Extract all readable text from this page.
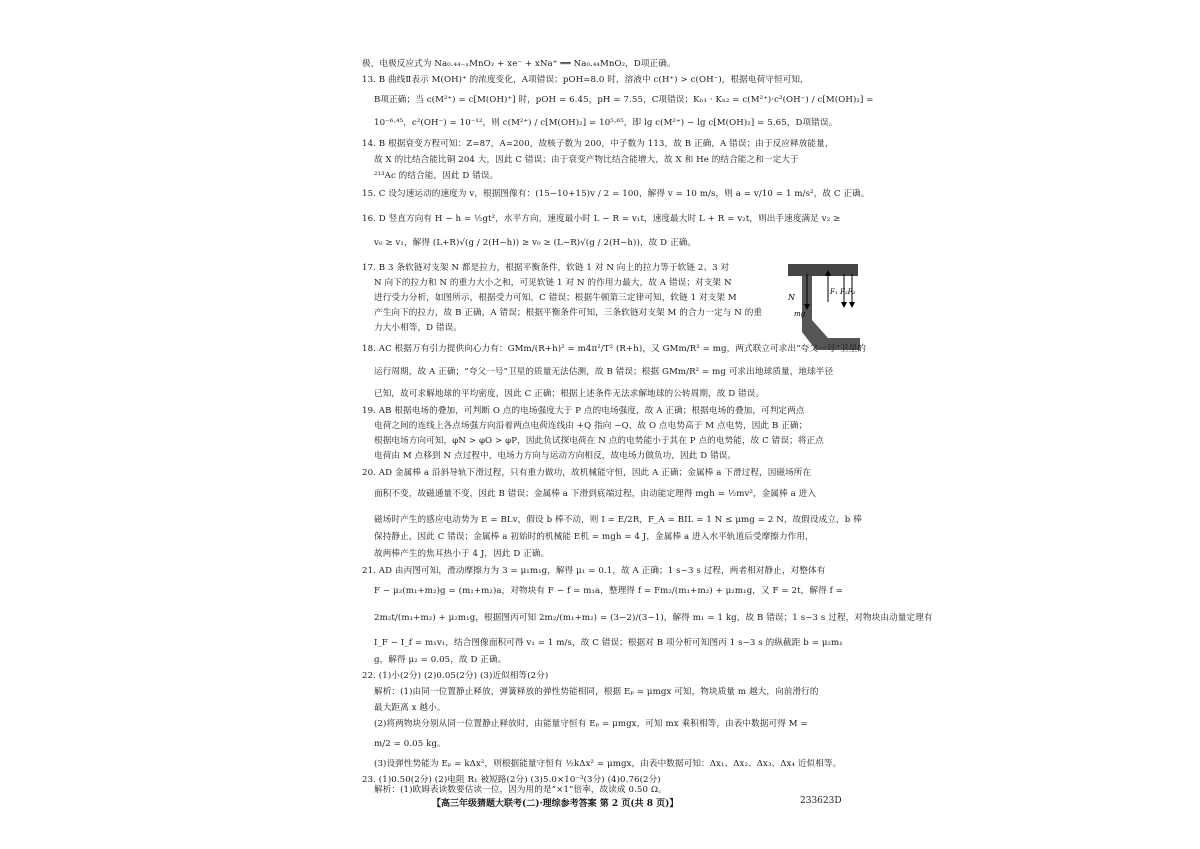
极，电极反应式为 Na₀.₄₄₋ₓMnO₂ + xe⁻ + xNa⁺ ══ Na₀.₄₄MnO₂，D项正确。
13. B 曲线Ⅱ表示 M(OH)⁺ 的浓度变化，A项错误；pOH=8.0 时，溶液中 c(H⁺) > c(OH⁻)，根据电荷守恒可知，
B项正确；当 c(M²⁺) = c[M(OH)⁺] 时，pOH = 6.45，pH = 7.55，C项错误；Kₕ₁ · Kₕ₂ = c(M²⁺)·c²(OH⁻) / c[M(OH)₂] =
10⁻⁶·⁴⁵，c²(OH⁻) = 10⁻¹²，则 c(M²⁺) / c[M(OH)₂] = 10⁵·⁶⁵，即 lg c(M²⁺) − lg c[M(OH)₂] = 5.65，D项错误。
14. B 根据衰变方程可知：Z=87，A=200，故核子数为 200，中子数为 113，故 B 正确，A 错误；由于反应释放能量，
故 X 的比结合能比铜 204 大，因此 C 错误；由于衰变产物比结合能增大，故 X 和 He 的结合能之和一定大于
²¹³Ac 的结合能，因此 D 错误。
15. C 设匀速运动的速度为 v，根据图像有：(15−10+15)v / 2 = 100，解得 v = 10 m/s，则 a = v/10 = 1 m/s²，故 C 正确。
16. D 竖直方向有 H − h = ½gt²，水平方向，速度最小时 L − R = v₁t，速度最大时 L + R = v₂t，则出手速度满足 v₂ ≥
v₀ ≥ v₁，解得 (L+R)√(g / 2(H−h)) ≥ v₀ ≥ (L−R)√(g / 2(H−h))，故 D 正确。
17. B 3 条软链对支架 N 都是拉力，根据平衡条件，软链 1 对 N 向上的拉力等于软链 2、3 对
N 向下的拉力和 N 的重力大小之和，可见软链 1 对 N 的作用力最大，故 A 错误；对支架 N
进行受力分析，如图所示，根据受力可知，C 错误；根据牛顿第三定律可知，软链 1 对支架 M
产生向下的拉力，故 B 正确，A 错误；根据平衡条件可知，三条软链对支架 M 的合力一定与 N 的重
力大小相等，D 错误。
N
mg
F₁ F₂F₃
18. AC 根据万有引力提供向心力有：GMm/(R+h)² = m4π²/T² (R+h)，又 GMm/R² = mg，两式联立可求出“夸父一号”卫星的
运行周期，故 A 正确；“夸父一号”卫星的质量无法估测，故 B 错误；根据 GMm/R² = mg 可求出地球质量，地球半径
已知，故可求解地球的平均密度，因此 C 正确；根据上述条件无法求解地球的公转周期，故 D 错误。
19. AB 根据电场的叠加，可判断 O 点的电场强度大于 P 点的电场强度，故 A 正确；根据电场的叠加，可判定两点
电荷之间的连线上各点场强方向沿着两点电荷连线由 +Q 指向 −Q，故 O 点电势高于 M 点电势，因此 B 正确；
根据电场方向可知，φN > φO > φP，因此负试探电荷在 N 点的电势能小于其在 P 点的电势能，故 C 错误；将正点
电荷由 M 点移到 N 点过程中，电场力方向与运动方向相反，故电场力做负功，因此 D 错误。
20. AD 金属棒 a 沿斜导轨下滑过程，只有重力做功，故机械能守恒，因此 A 正确；金属棒 a 下滑过程，因磁场所在
面积不变，故磁通量不变，因此 B 错误；金属棒 a 下滑到底端过程，由动能定理得 mgh = ½mv²，金属棒 a 进入
磁场时产生的感应电动势为 E = BLv，假设 b 棒不动，则 I = E/2R，F_A = BIL = 1 N ≤ μmg = 2 N，故假设成立，b 棒
保持静止，因此 C 错误；金属棒 a 初始时的机械能 E机 = mgh = 4 J，金属棒 a 进入水平轨道后受摩擦力作用，
故两棒产生的焦耳热小于 4 J，因此 D 正确。
21. AD 由丙图可知，滑动摩擦力为 3 = μ₁m₁g，解得 μ₁ = 0.1，故 A 正确；1 s~3 s 过程，两者相对静止，对整体有
F − μ₂(m₁+m₂)g = (m₁+m₂)a，对物块有 F − f = m₁a，整理得 f = Fm₂/(m₁+m₂) + μ₂m₁g，又 F = 2t，解得 f =
2m₂t/(m₁+m₂) + μ₂m₁g，根据图丙可知 2m₂/(m₁+m₂) = (3−2)/(3−1)，解得 m₁ = 1 kg，故 B 错误；1 s~3 s 过程，对物块由动量定理有
I_F − I_f = m₁v₁，结合图像面积可得 v₁ = 1 m/s，故 C 错误；根据对 B 项分析可知图丙 1 s~3 s 的纵截距 b = μ₂m₁
g，解得 μ₂ = 0.05，故 D 正确。
22. (1)小(2分) (2)0.05(2分) (3)近似相等(2分)
解析：(1)由同一位置静止释放，弹簧释放的弹性势能相同，根据 Eₚ = μmgx 可知，物块质量 m 越大，向前滑行的
最大距离 x 越小。
(2)将两物块分别从同一位置静止释放时，由能量守恒有 Eₚ = μmgx，可知 mx 乘积相等，由表中数据可得 M =
m/2 = 0.05 kg。
(3)设弹性势能为 Eₚ = kΔx²，则根据能量守恒有 ½kΔx² = μmgx，由表中数据可知：Δx₁、Δx₂、Δx₃、Δx₄ 近似相等。
23. (1)0.50(2分) (2)电阻 R₁ 被短路(2分) (3)5.0×10⁻³(3分) (4)0.76(2分)
解析：(1)欧姆表读数要估读一位，因为用的是“×1”倍率，故读成 0.50 Ω。
【高三年级猜题大联考(二)·理综参考答案 第 2 页(共 8 页)】	233623D
